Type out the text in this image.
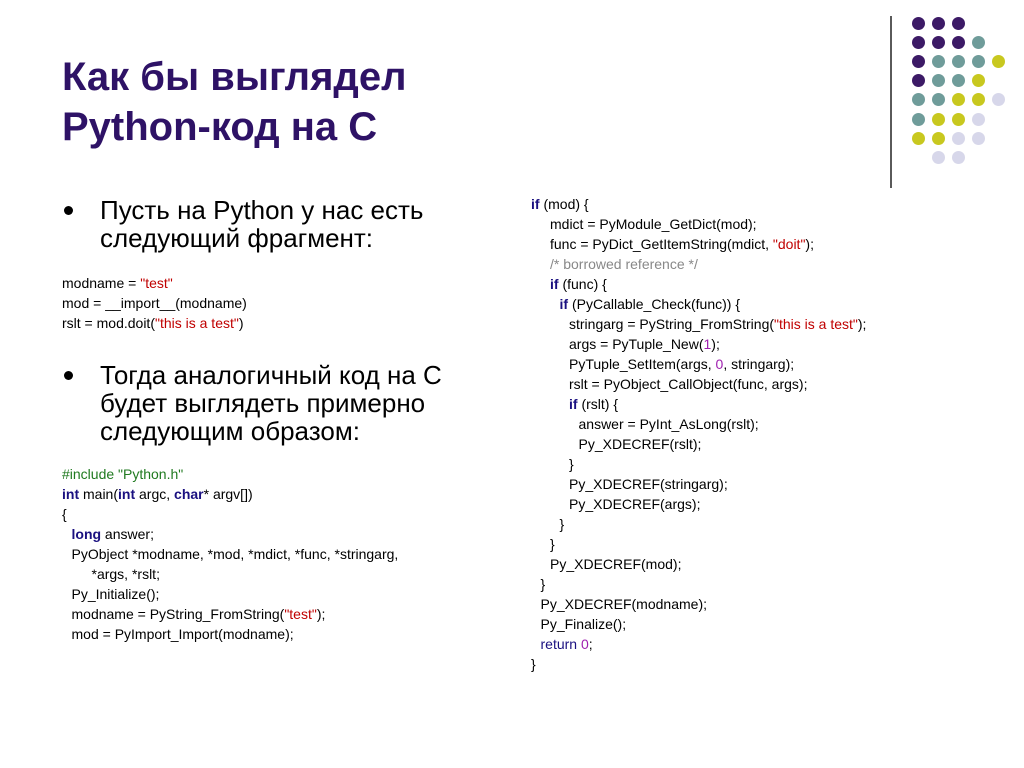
Как бы выглядел
Python-код на C
Пусть на Python у нас есть
следующий фрагмент:
modname = "test"
mod = __import__(modname)
rslt = mod.doit("this is a test")
Тогда аналогичный код на C
будет выглядеть примерно
следующим образом:
#include "Python.h"
int main(int argc, char* argv[])
{
long answer;
PyObject *modname, *mod, *mdict, *func, *stringarg,
*args, *rslt;
Py_Initialize();
modname = PyString_FromString("test");
mod = PyImport_Import(modname);
if (mod) {
mdict = PyModule_GetDict(mod);
func = PyDict_GetItemString(mdict, "doit");
/* borrowed reference */
if (func) {
if (PyCallable_Check(func)) {
stringarg = PyString_FromString("this is a test");
args = PyTuple_New(1);
PyTuple_SetItem(args, 0, stringarg);
rslt = PyObject_CallObject(func, args);
if (rslt) {
answer = PyInt_AsLong(rslt);
Py_XDECREF(rslt);
}
Py_XDECREF(stringarg);
Py_XDECREF(args);
}
}
Py_XDECREF(mod);
}
Py_XDECREF(modname);
Py_Finalize();
return 0;
}
